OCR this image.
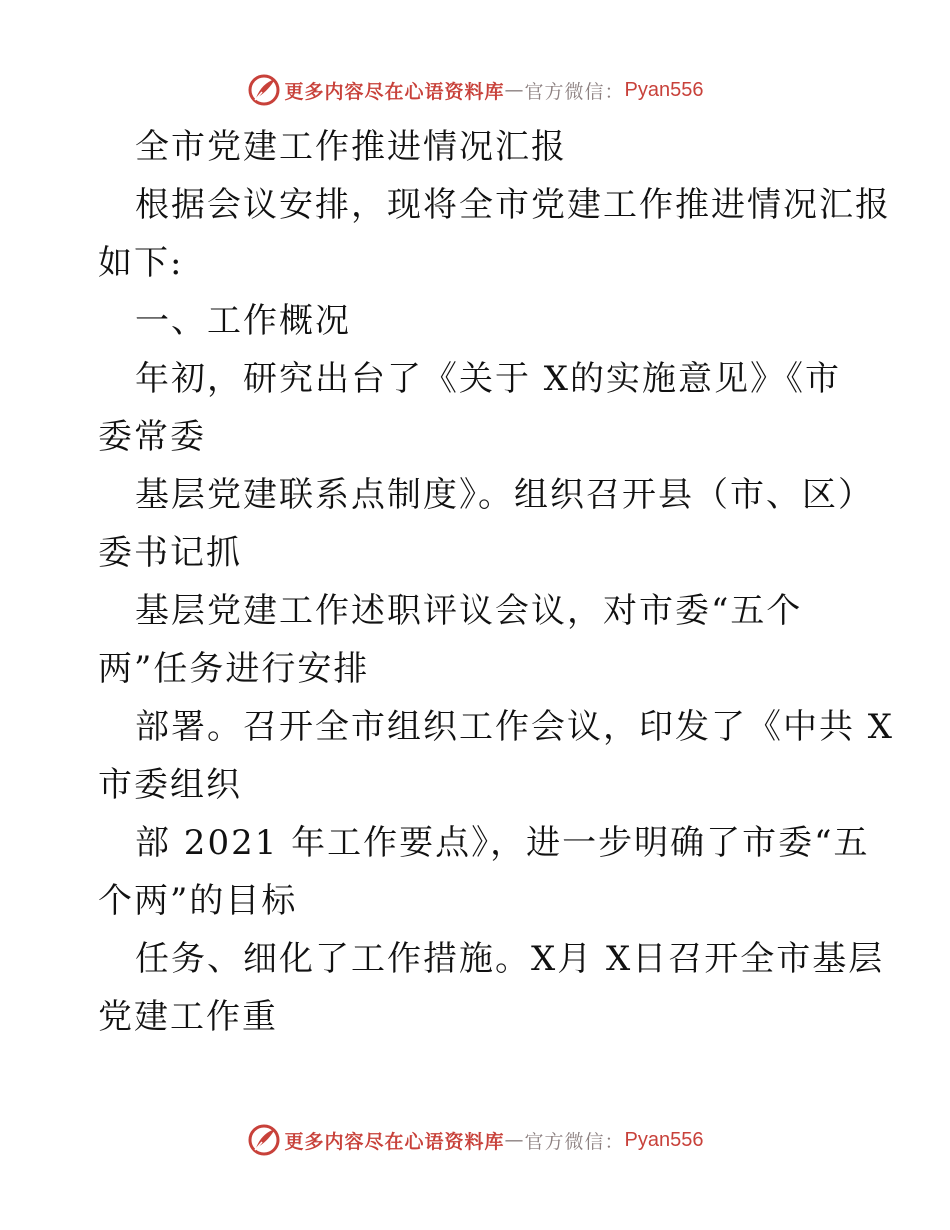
更多内容尽在心语资料库 — 官方微信： Pyan556
全市党建工作推进情况汇报
根据会议安排，现将全市党建工作推进情况汇报
如下:
一、工作概况
年初，研究出台了《关于 X的实施意见》《市
委常委
基层党建联系点制度》。组织召开县（市、区）
委书记抓
基层党建工作述职评议会议，对市委“五个
两”任务进行安排
部署。召开全市组织工作会议，印发了《中共 X
市委组织
部 2021 年工作要点》，进一步明确了市委“五
个两”的目标
任务、细化了工作措施。X月 X日召开全市基层
党建工作重
更多内容尽在心语资料库 — 官方微信： Pyan556
